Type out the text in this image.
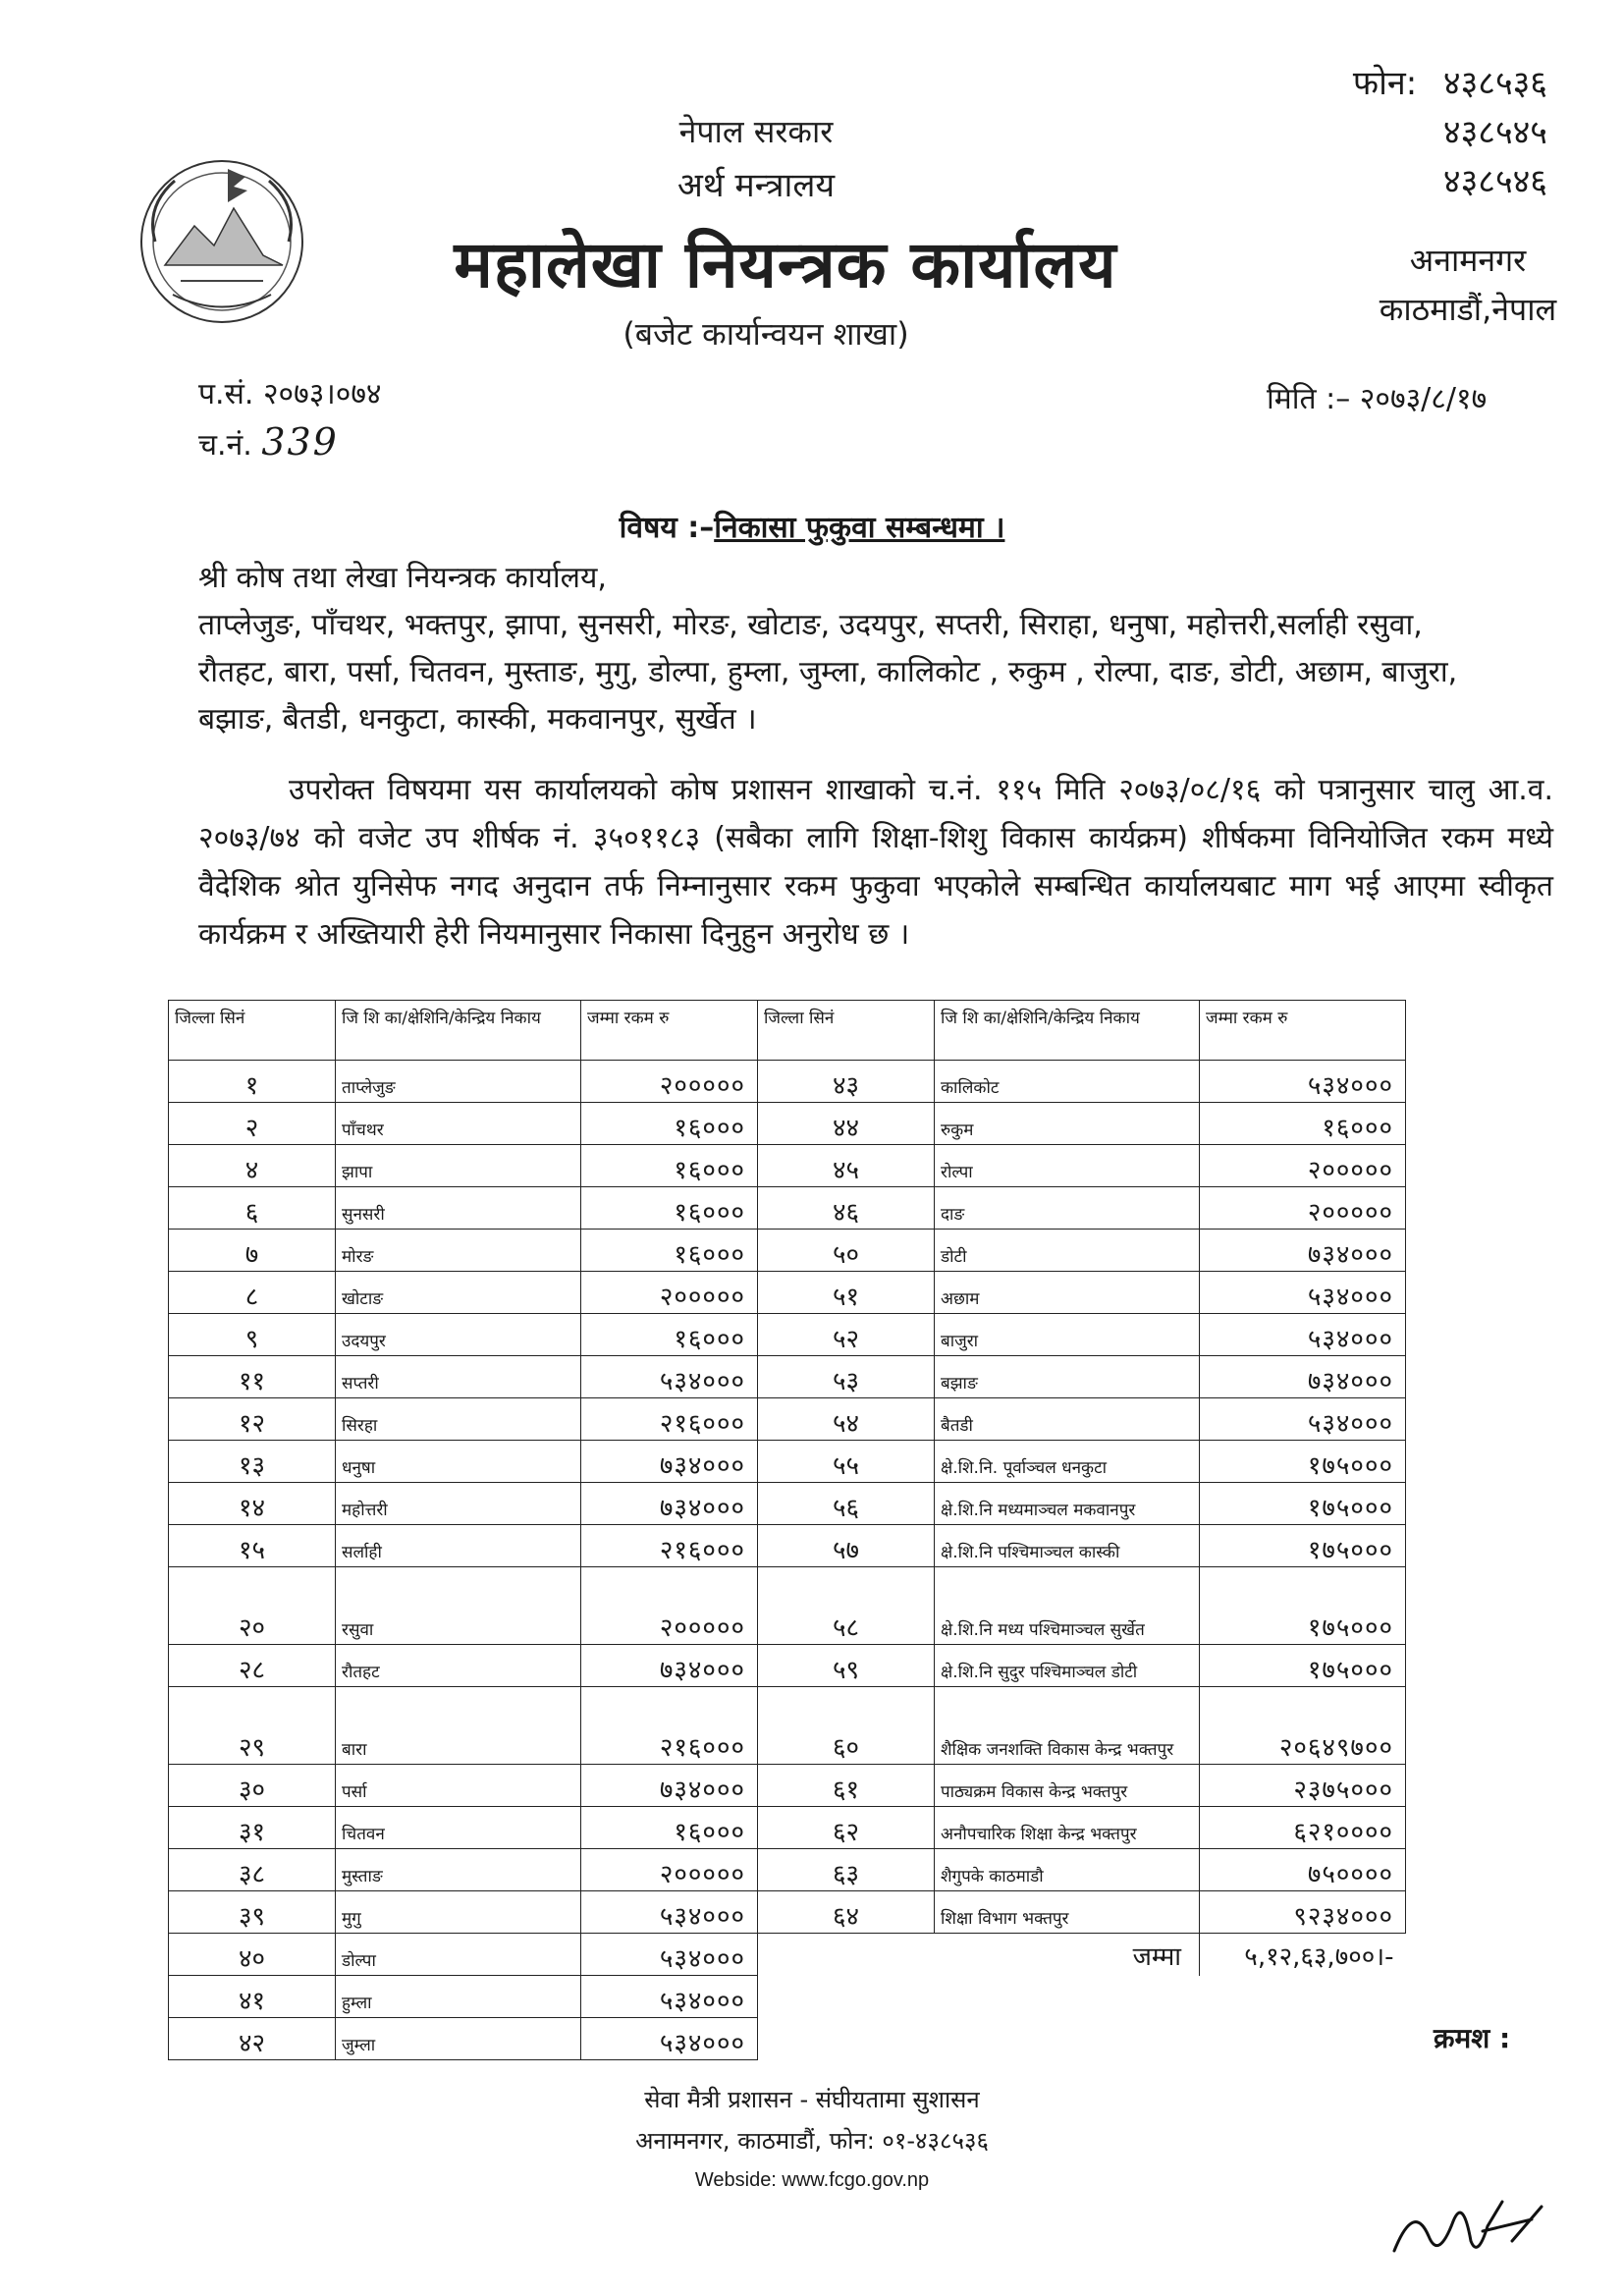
नेपाल सरकार
अर्थ मन्त्रालय
महालेखा नियन्त्रक कार्यालय
(बजेट कार्यान्वयन शाखा)
फोन: ४३८५३६
४३८५४५
४३८५४६
अनामनगर
काठमाडौं,नेपाल
प.सं. २०७३।०७४
च.नं. 339
मिति :– २०७३/८/१७
विषय :–निकासा फुकुवा सम्बन्धमा ।
श्री कोष तथा लेखा नियन्त्रक कार्यालय,
ताप्लेजुङ, पाँचथर, भक्तपुर, झापा, सुनसरी, मोरङ, खोटाङ, उदयपुर, सप्तरी, सिराहा, धनुषा, महोत्तरी,सर्लाही रसुवा,
रौतहट, बारा, पर्सा, चितवन, मुस्ताङ, मुगु, डोल्पा, हुम्ला, जुम्ला, कालिकोट , रुकुम , रोल्पा, दाङ, डोटी, अछाम, बाजुरा,
बझाङ, बैतडी, धनकुटा, कास्की, मकवानपुर, सुर्खेत ।
उपरोक्त विषयमा यस कार्यालयको कोष प्रशासन शाखाको च.नं. ११५ मिति २०७३/०८/१६ को पत्रानुसार चालु आ.व. २०७३/७४ को वजेट उप शीर्षक नं. ३५०११८३ (सबैका लागि शिक्षा-शिशु विकास कार्यक्रम) शीर्षकमा विनियोजित रकम मध्ये वैदेशिक श्रोत युनिसेफ नगद अनुदान तर्फ निम्नानुसार रकम फुकुवा भएकोले सम्बन्धित कार्यालयबाट माग भई आएमा स्वीकृत कार्यक्रम र अख्तियारी हेरी नियमानुसार निकासा दिनुहुन अनुरोध छ ।
जिल्ला सिनं	जि शि का/क्षेशिनि/केन्द्रिय निकाय	जम्मा रकम रु	जिल्ला सिनं	जि शि का/क्षेशिनि/केन्द्रिय निकाय	जम्मा रकम रु
१	ताप्लेजुङ	२०००००	४३	कालिकोट	५३४०००
२	पाँचथर	१६०००	४४	रुकुम	१६०००
४	झापा	१६०००	४५	रोल्पा	२०००००
६	सुनसरी	१६०००	४६	दाङ	२०००००
७	मोरङ	१६०००	५०	डोटी	७३४०००
८	खोटाङ	२०००००	५१	अछाम	५३४०००
९	उदयपुर	१६०००	५२	बाजुरा	५३४०००
११	सप्तरी	५३४०००	५३	बझाङ	७३४०००
१२	सिरहा	२१६०००	५४	बैतडी	५३४०००
१३	धनुषा	७३४०००	५५	क्षे.शि.नि. पूर्वाञ्चल धनकुटा	१७५०००
१४	महोत्तरी	७३४०००	५६	क्षे.शि.नि मध्यमाञ्चल मकवानपुर	१७५०००
१५	सर्लाही	२१६०००	५७	क्षे.शि.नि पश्चिमाञ्चल कास्की	१७५०००
२०	रसुवा	२०००००	५८	क्षे.शि.नि मध्य पश्चिमाञ्चल सुर्खेत	१७५०००
२८	रौतहट	७३४०००	५९	क्षे.शि.नि सुदुर पश्चिमाञ्चल डोटी	१७५०००
२९	बारा	२१६०००	६०	शैक्षिक जनशक्ति विकास केन्द्र भक्तपुर	२०६४९७००
३०	पर्सा	७३४०००	६१	पाठ्यक्रम विकास केन्द्र भक्तपुर	२३७५०००
३१	चितवन	१६०००	६२	अनौपचारिक शिक्षा केन्द्र भक्तपुर	६२१००००
३८	मुस्ताङ	२०००००	६३	शैगुपके काठमाडौ	७५००००
३९	मुगु	५३४०००	६४	शिक्षा विभाग भक्तपुर	९२३४०००
४०	डोल्पा	५३४०००	जम्मा		५,१२,६३,७००।-
४१	हुम्ला	५३४०००			
४२	जुम्ला	५३४०००				क्रमश :
सेवा मैत्री प्रशासन - संघीयतामा सुशासन
अनामनगर, काठमाडौं, फोन: ०१-४३८५३६
Webside: www.fcgo.gov.np
